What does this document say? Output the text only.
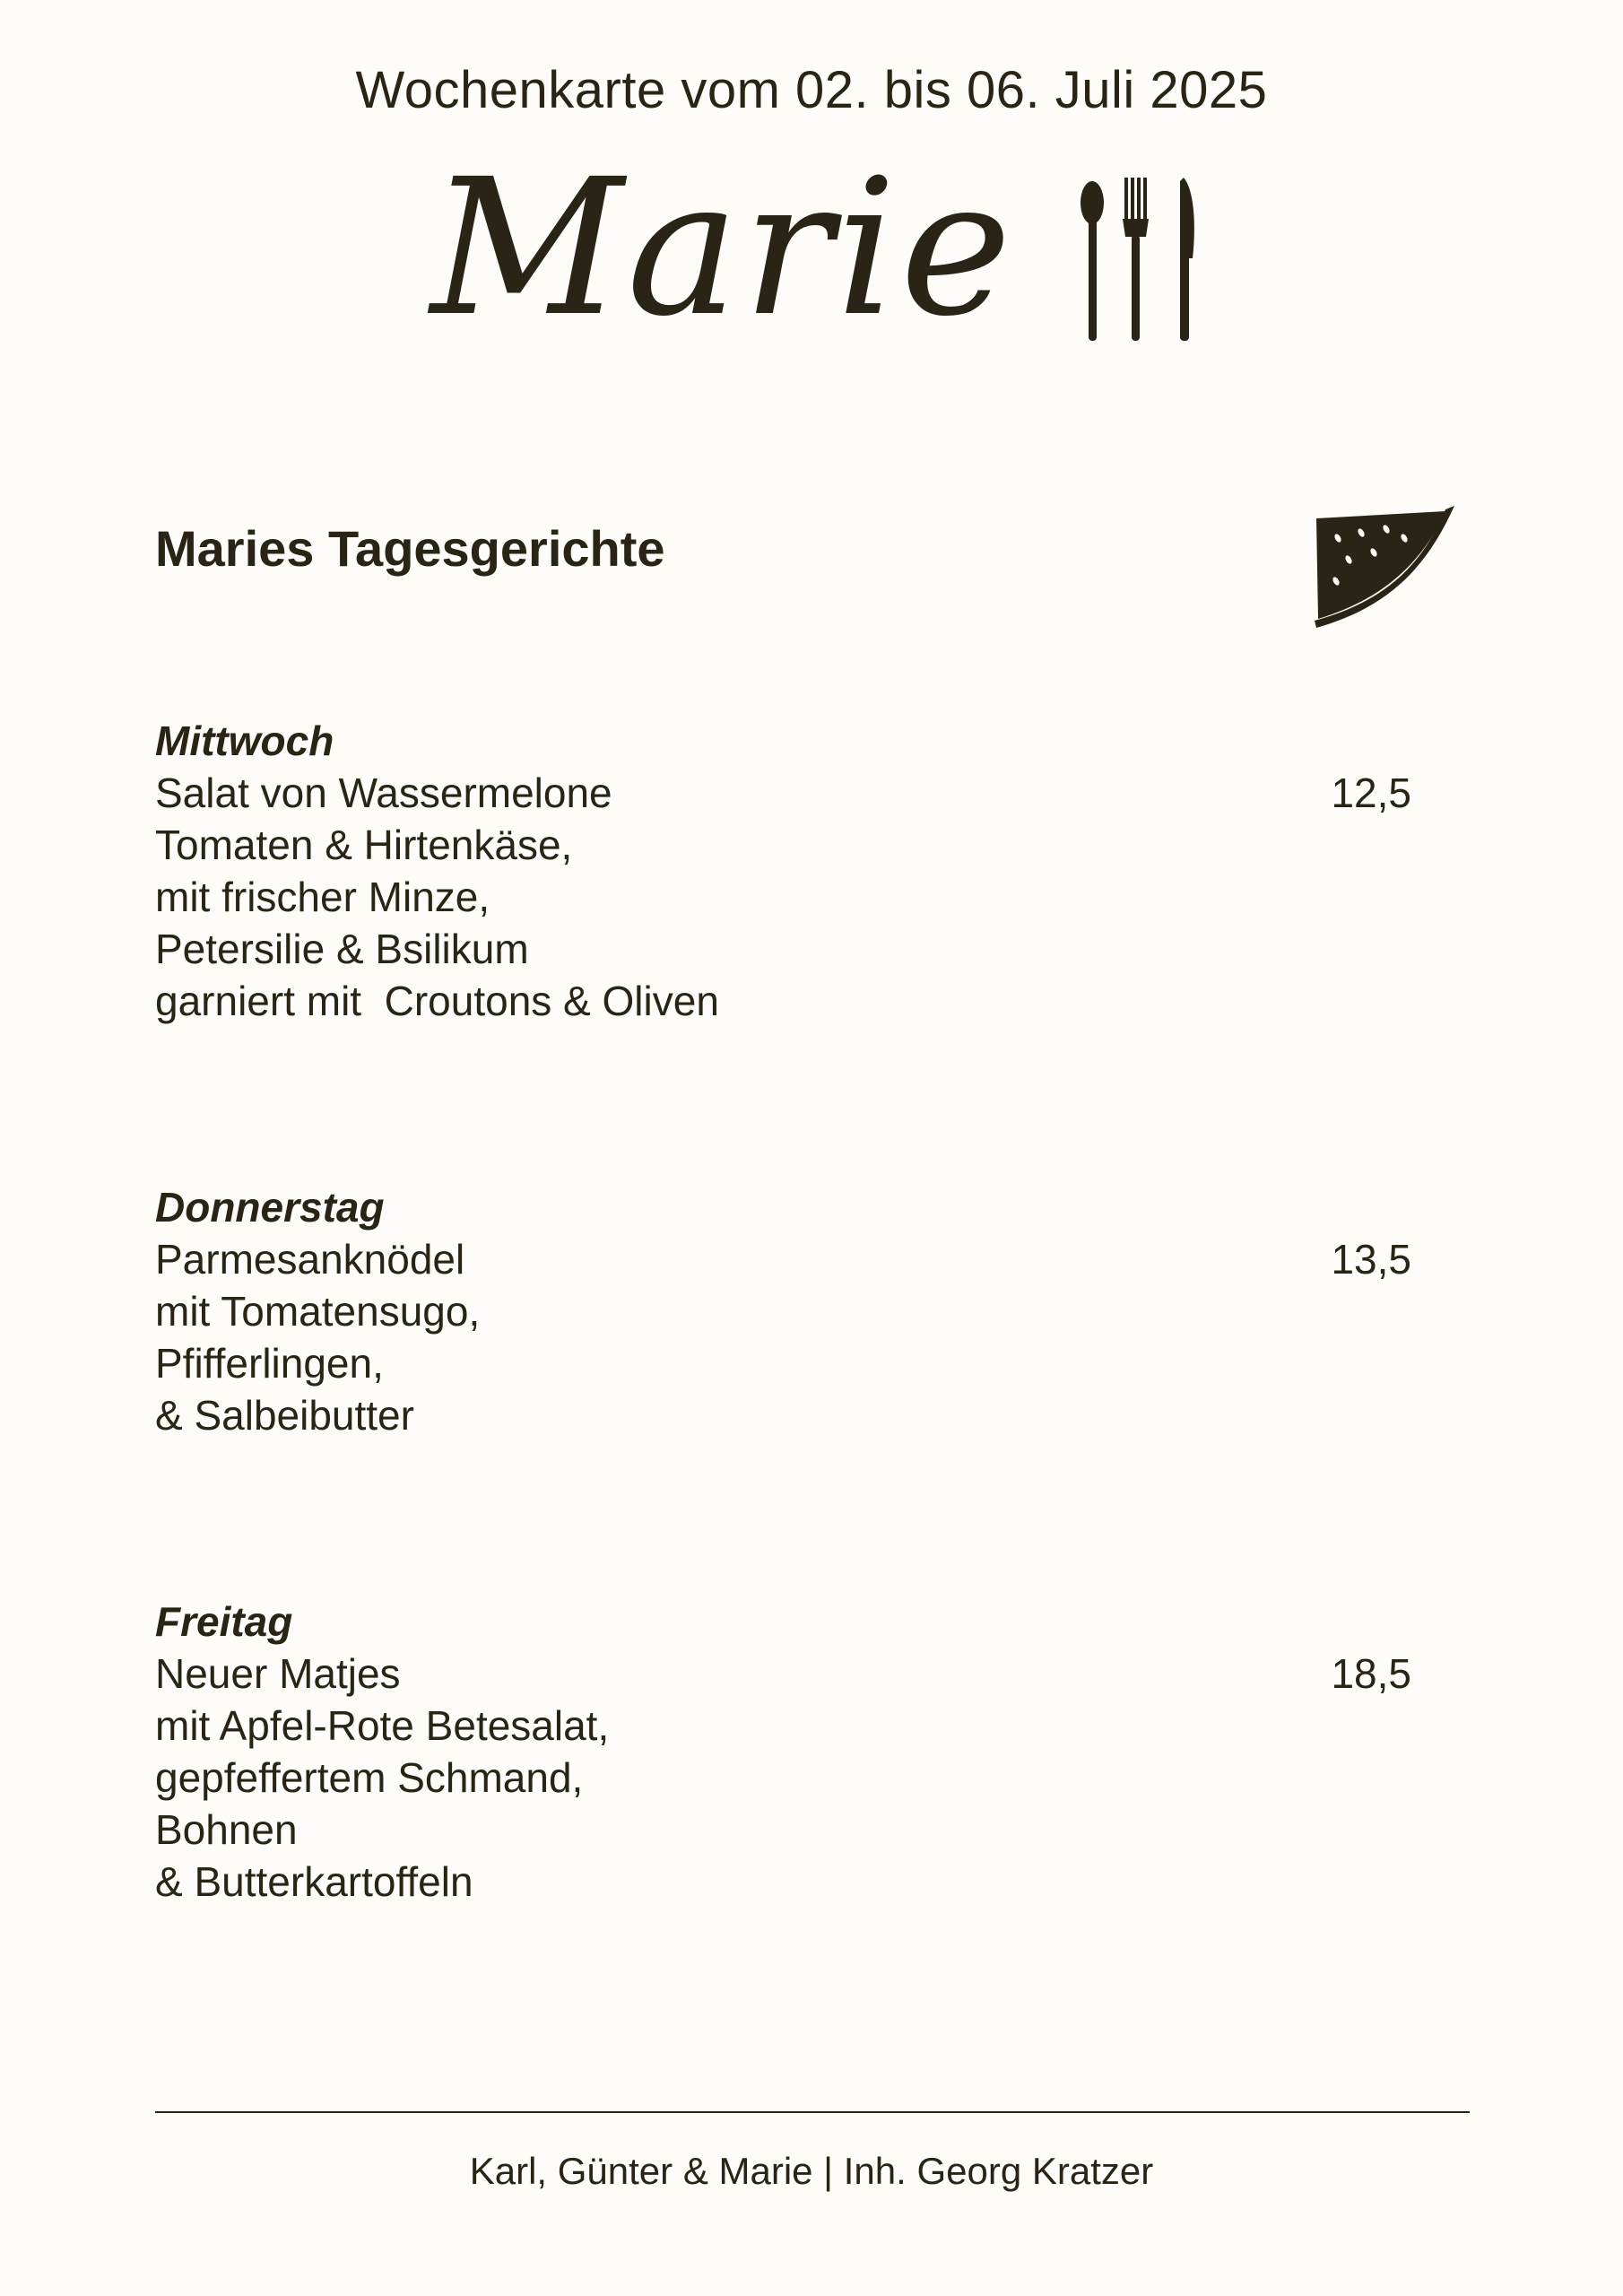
Wochenkarte vom 02. bis 06. Juli 2025
Marie
Maries Tagesgerichte
Mittwoch
12,5
Salat von Wassermelone
Tomaten & Hirtenkäse,
mit frischer Minze,
Petersilie & Bsilikum
garniert mit  Croutons & Oliven
Donnerstag
13,5
Parmesanknödel
mit Tomatensugo,
Pfifferlingen,
& Salbeibutter
Freitag
18,5
Neuer Matjes
mit Apfel-Rote Betesalat,
gepfeffertem Schmand,
Bohnen
& Butterkartoffeln
Karl, Günter & Marie | Inh. Georg Kratzer
